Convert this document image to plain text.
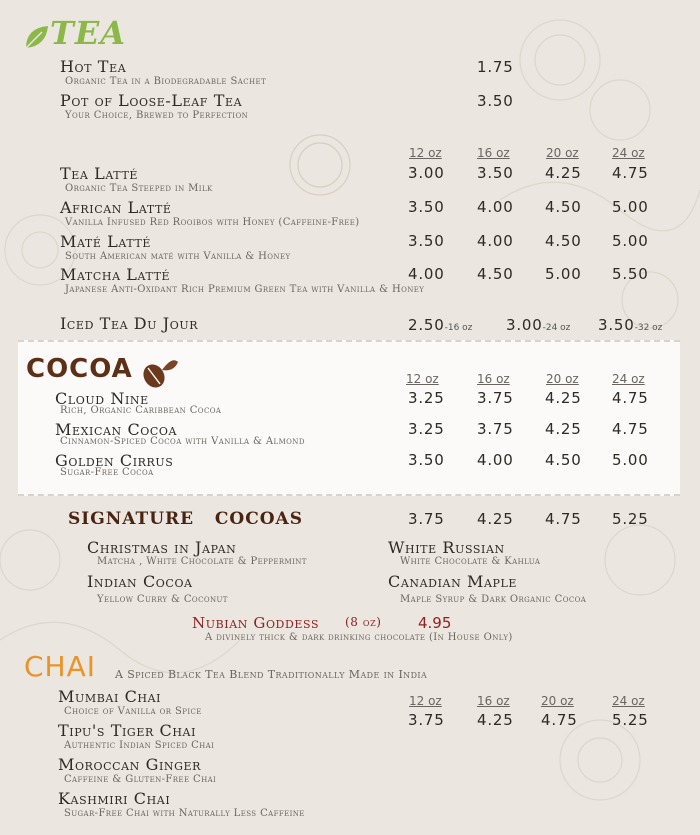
TEA
Hot Tea
Organic Tea in a Biodegradable Sachet
1.75
Pot of Loose-Leaf Tea
Your Choice, Brewed to Perfection
3.50
12 oz	16 oz	20 oz	24 oz
Tea Latté
Organic Tea Steeped in Milk
3.00 3.50 4.25 4.75
African Latté
Vanilla Infused Red Rooibos with Honey (Caffeine-Free)
3.50 4.00 4.50 5.00
Maté Latté
South American maté with Vanilla & Honey
3.50 4.00 4.50 5.00
Matcha Latté
Japanese Anti-Oxidant Rich Premium Green Tea with Vanilla & Honey
4.00 4.50 5.00 5.50
Iced Tea Du Jour	2.50-16 oz 3.00-24 oz 3.50-32 oz
COCOA	12 oz	16 oz	20 oz	24 oz
Cloud Nine
Rich, Organic Caribbean Cocoa
3.25 3.75 4.25 4.75
Mexican Cocoa
Cinnamon-Spiced Cocoa with Vanilla & Almond
3.25 3.75 4.25 4.75
Golden Cirrus
Sugar-Free Cocoa
3.50 4.00 4.50 5.00
SIGNATURE   COCOAS	3.75 4.25 4.75 5.25
Christmas in Japan
Matcha , White Chocolate & Peppermint
White Russian
White Chocolate & Kahlua
Indian Cocoa
Yellow Curry & Coconut
Canadian Maple
Maple Syrup & Dark Organic Cocoa
Nubian Goddess (8 oz) 4.95
A divinely thick & dark drinking chocolate (In House Only)
CHAI A Spiced Black Tea Blend Traditionally Made in India
12 oz	16 oz	20 oz	24 oz
3.75 4.25 4.75 5.25
Mumbai Chai
Choice of Vanilla or Spice
Tipu's Tiger Chai
Authentic Indian Spiced Chai
Moroccan Ginger
Caffeine & Gluten-Free Chai
Kashmiri Chai
Sugar-Free Chai with Naturally Less Caffeine
